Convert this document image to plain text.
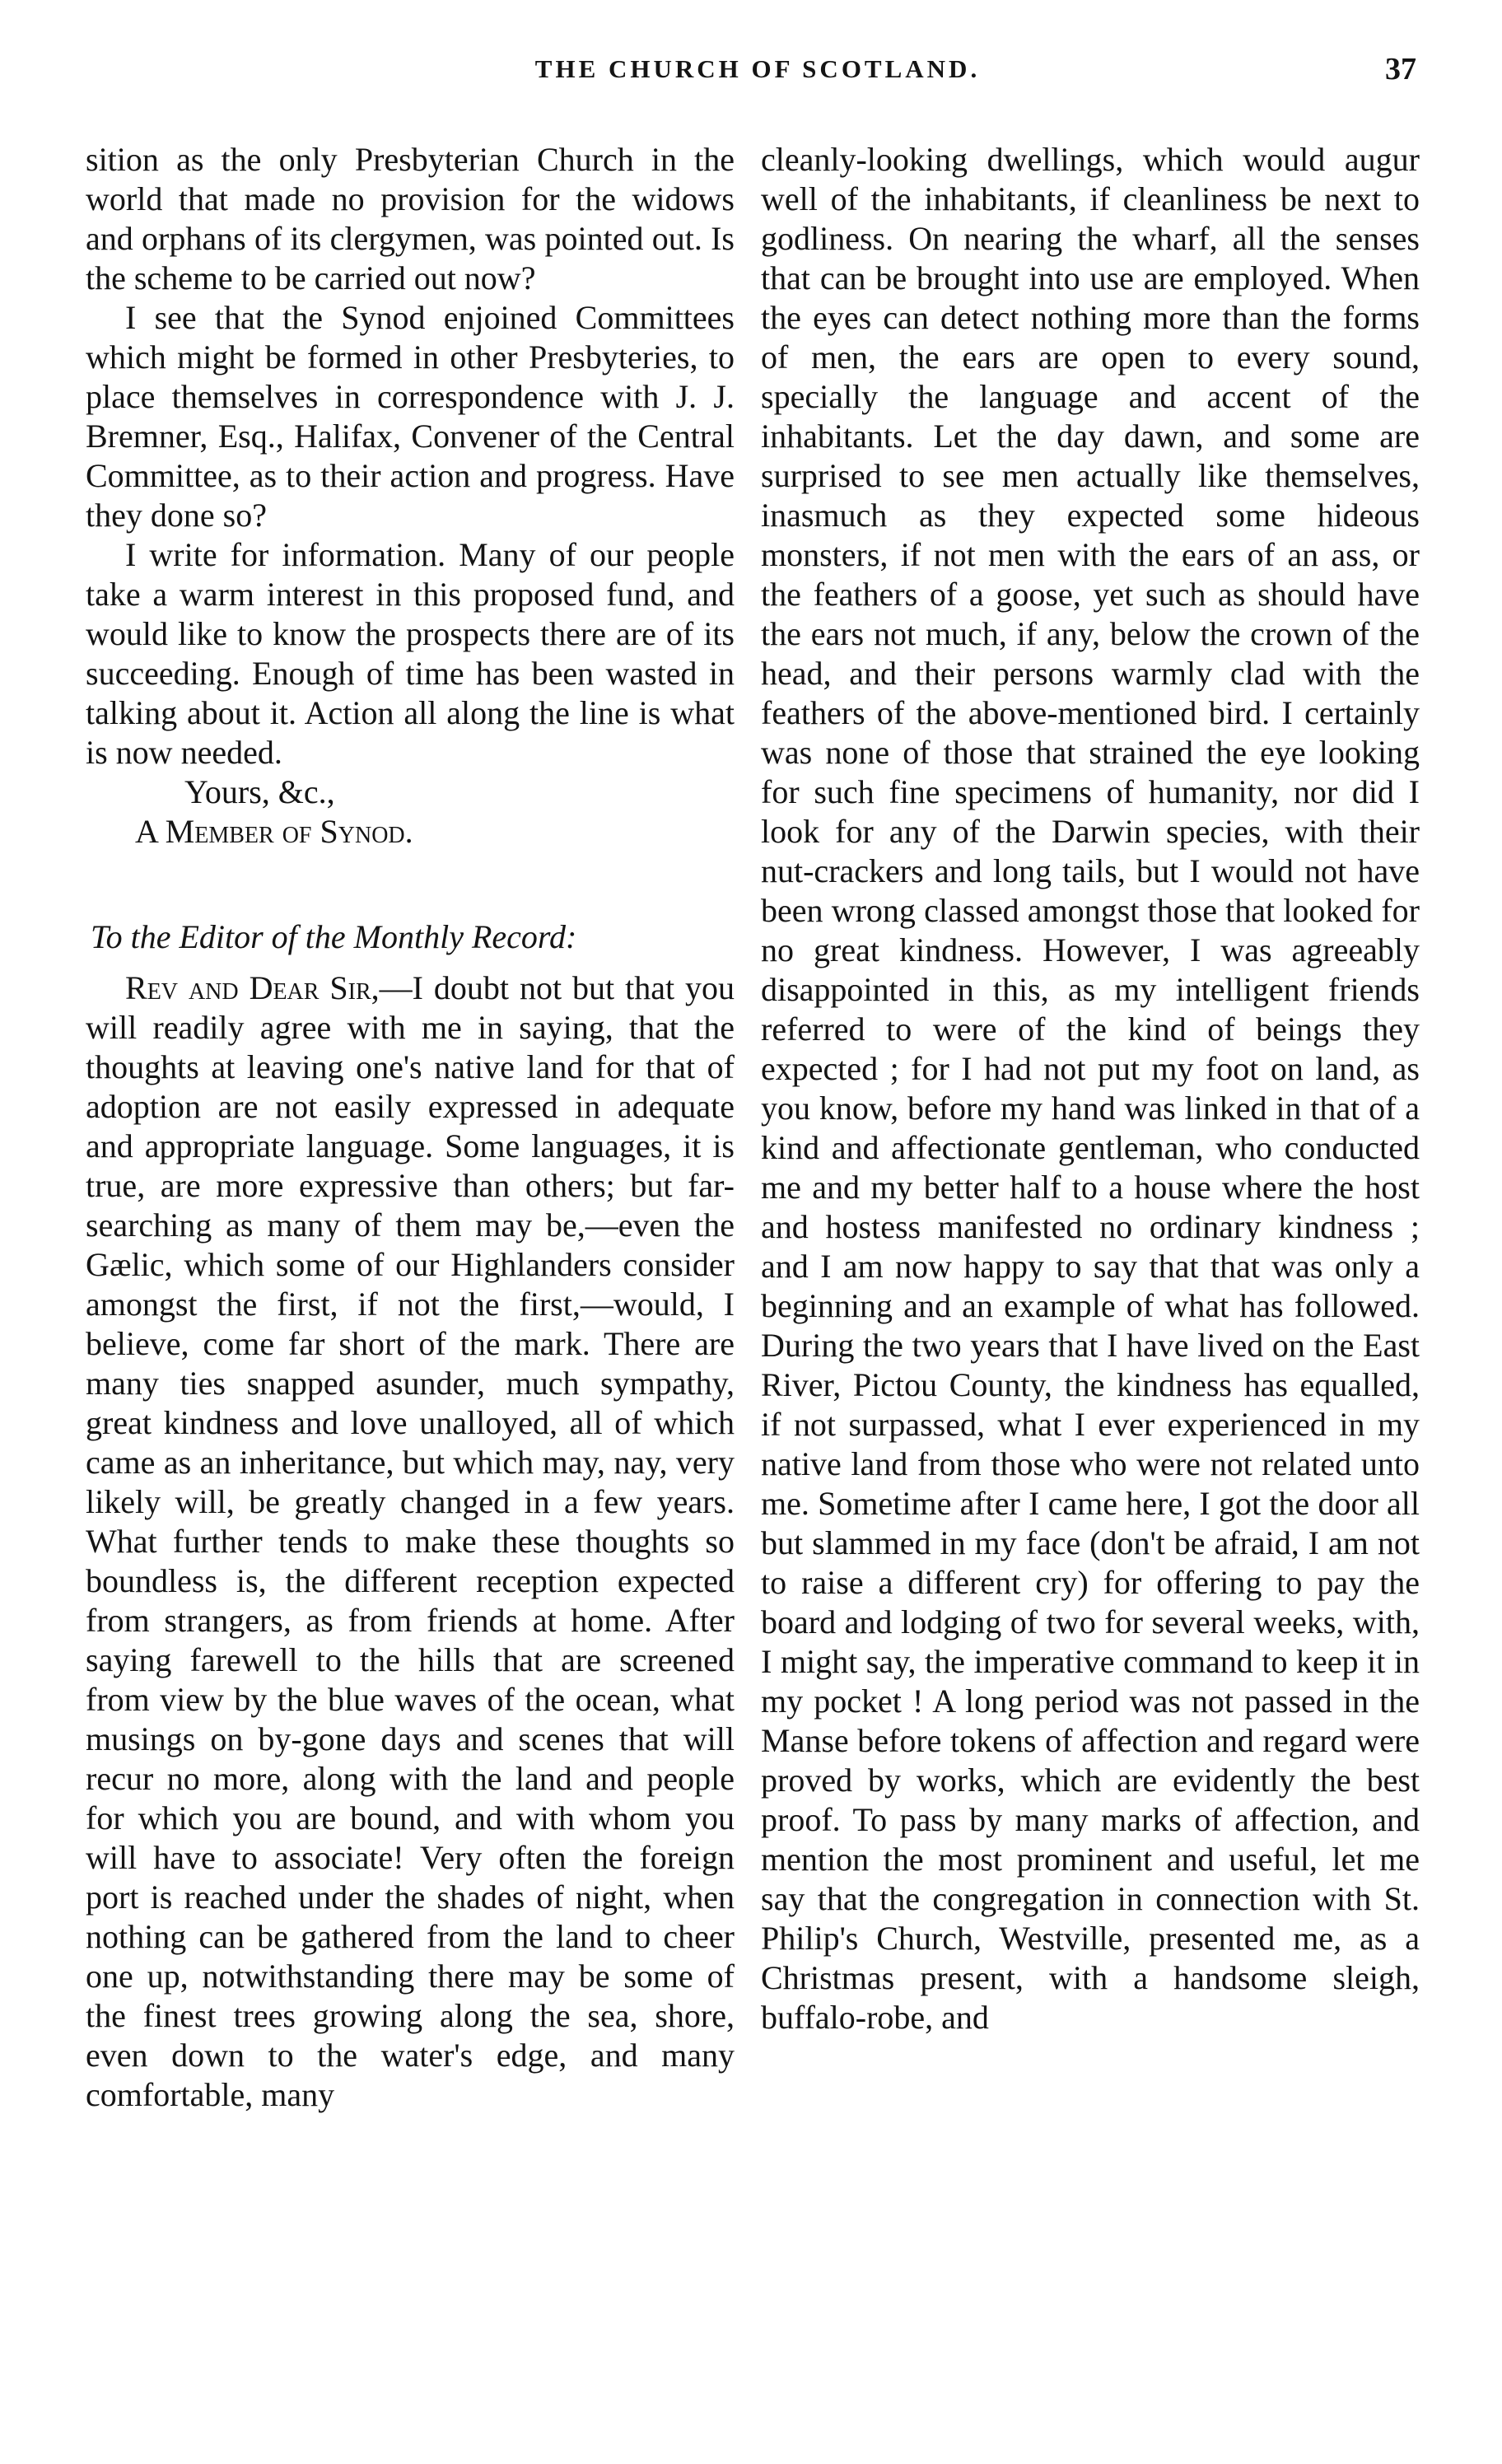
THE CHURCH OF SCOTLAND.	37

sition as the only Presbyterian Church in the world that made no provision for the widows and orphans of its clergymen, was pointed out. Is the scheme to be carried out now?

I see that the Synod enjoined Committees which might be formed in other Presbyteries, to place themselves in correspondence with J. J. Bremner, Esq., Halifax, Convener of the Central Committee, as to their action and progress. Have they done so?

I write for information. Many of our people take a warm interest in this proposed fund, and would like to know the prospects there are of its succeeding. Enough of time has been wasted in talking about it. Action all along the line is what is now needed.

Yours, &c.,

A Member of Synod.

To the Editor of the Monthly Record:

Rev and Dear Sir,—I doubt not but that you will readily agree with me in saying, that the thoughts at leaving one's native land for that of adoption are not easily expressed in adequate and appropriate language. Some languages, it is true, are more expressive than others; but far-searching as many of them may be,—even the Gælic, which some of our Highlanders consider amongst the first, if not the first,—would, I believe, come far short of the mark. There are many ties snapped asunder, much sympathy, great kindness and love unalloyed, all of which came as an inheritance, but which may, nay, very likely will, be greatly changed in a few years. What further tends to make these thoughts so boundless is, the different reception expected from strangers, as from friends at home. After saying farewell to the hills that are screened from view by the blue waves of the ocean, what musings on by-gone days and scenes that will recur no more, along with the land and people for which you are bound, and with whom you will have to associate! Very often the foreign port is reached under the shades of night, when nothing can be gathered from the land to cheer one up, notwithstanding there may be some of the finest trees growing along the sea, shore, even down to the water's edge, and many comfortable, many

cleanly-looking dwellings, which would augur well of the inhabitants, if cleanliness be next to godliness. On nearing the wharf, all the senses that can be brought into use are employed. When the eyes can detect nothing more than the forms of men, the ears are open to every sound, specially the language and accent of the inhabitants. Let the day dawn, and some are surprised to see men actually like themselves, inasmuch as they expected some hideous monsters, if not men with the ears of an ass, or the feathers of a goose, yet such as should have the ears not much, if any, below the crown of the head, and their persons warmly clad with the feathers of the above-mentioned bird. I certainly was none of those that strained the eye looking for such fine specimens of humanity, nor did I look for any of the Darwin species, with their nut-crackers and long tails, but I would not have been wrong classed amongst those that looked for no great kindness. However, I was agreeably disappointed in this, as my intelligent friends referred to were of the kind of beings they expected ; for I had not put my foot on land, as you know, before my hand was linked in that of a kind and affectionate gentleman, who conducted me and my better half to a house where the host and hostess manifested no ordinary kindness ; and I am now happy to say that that was only a beginning and an example of what has followed. During the two years that I have lived on the East River, Pictou County, the kindness has equalled, if not surpassed, what I ever experienced in my native land from those who were not related unto me. Sometime after I came here, I got the door all but slammed in my face (don't be afraid, I am not to raise a different cry) for offering to pay the board and lodging of two for several weeks, with, I might say, the imperative command to keep it in my pocket ! A long period was not passed in the Manse before tokens of affection and regard were proved by works, which are evidently the best proof. To pass by many marks of affection, and mention the most prominent and useful, let me say that the congregation in connection with St. Philip's Church, Westville, presented me, as a Christmas present, with a handsome sleigh, buffalo-robe, and
